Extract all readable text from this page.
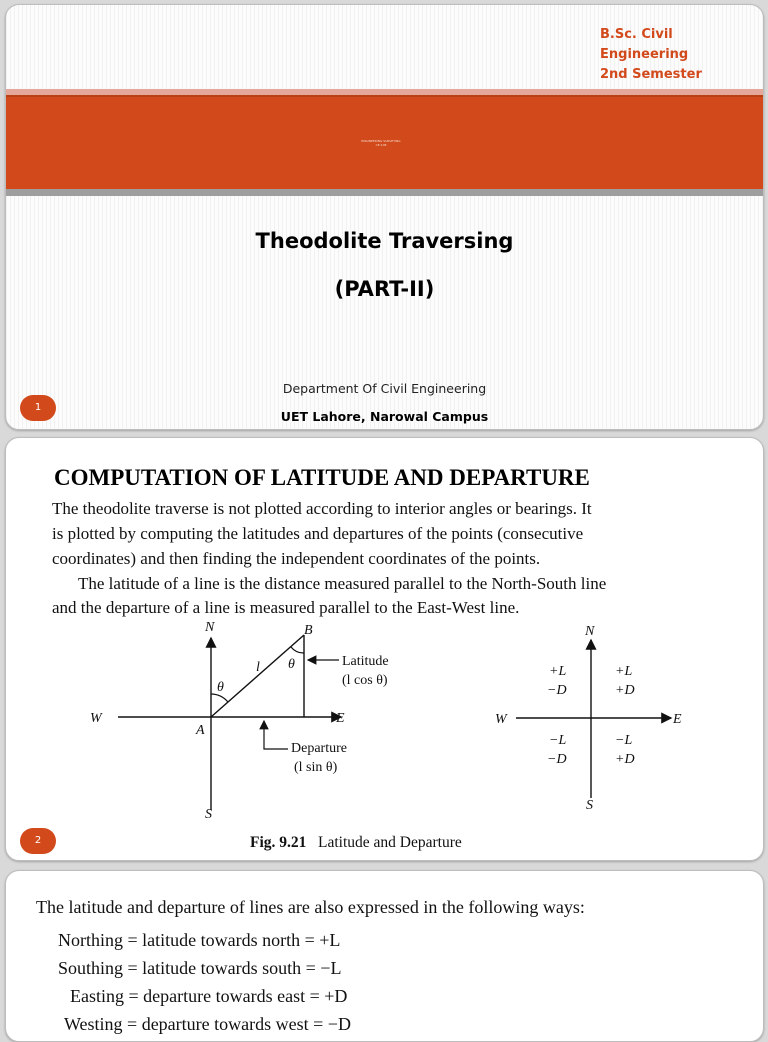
B.Sc. Civil Engineering
2nd Semester
ENGINEERING SURVEYING
CE-108
Theodolite Traversing
(PART-II)
Department Of Civil Engineering
UET Lahore, Narowal Campus
1
COMPUTATION OF LATITUDE AND DEPARTURE
The theodolite traverse is not plotted according to interior angles or bearings. It
is plotted by computing the latitudes and departures of the points (consecutive
coordinates) and then finding the independent coordinates of the points.
The latitude of a line is the distance measured parallel to the North-South line
and the departure of a line is measured parallel to the East-West line.
N
S
W	E
A
B
l
θ
θ	Latitude
(l cos θ)
Departure
(l sin θ)
N
S
W	E
+L
−D
+L
+D
−L
−D
−L
+D
Fig. 9.21 Latitude and Departure
2
The latitude and departure of lines are also expressed in the following ways:
Northing = latitude towards north = +L
Southing = latitude towards south = −L
Easting = departure towards east = +D
Westing = departure towards west = −D
